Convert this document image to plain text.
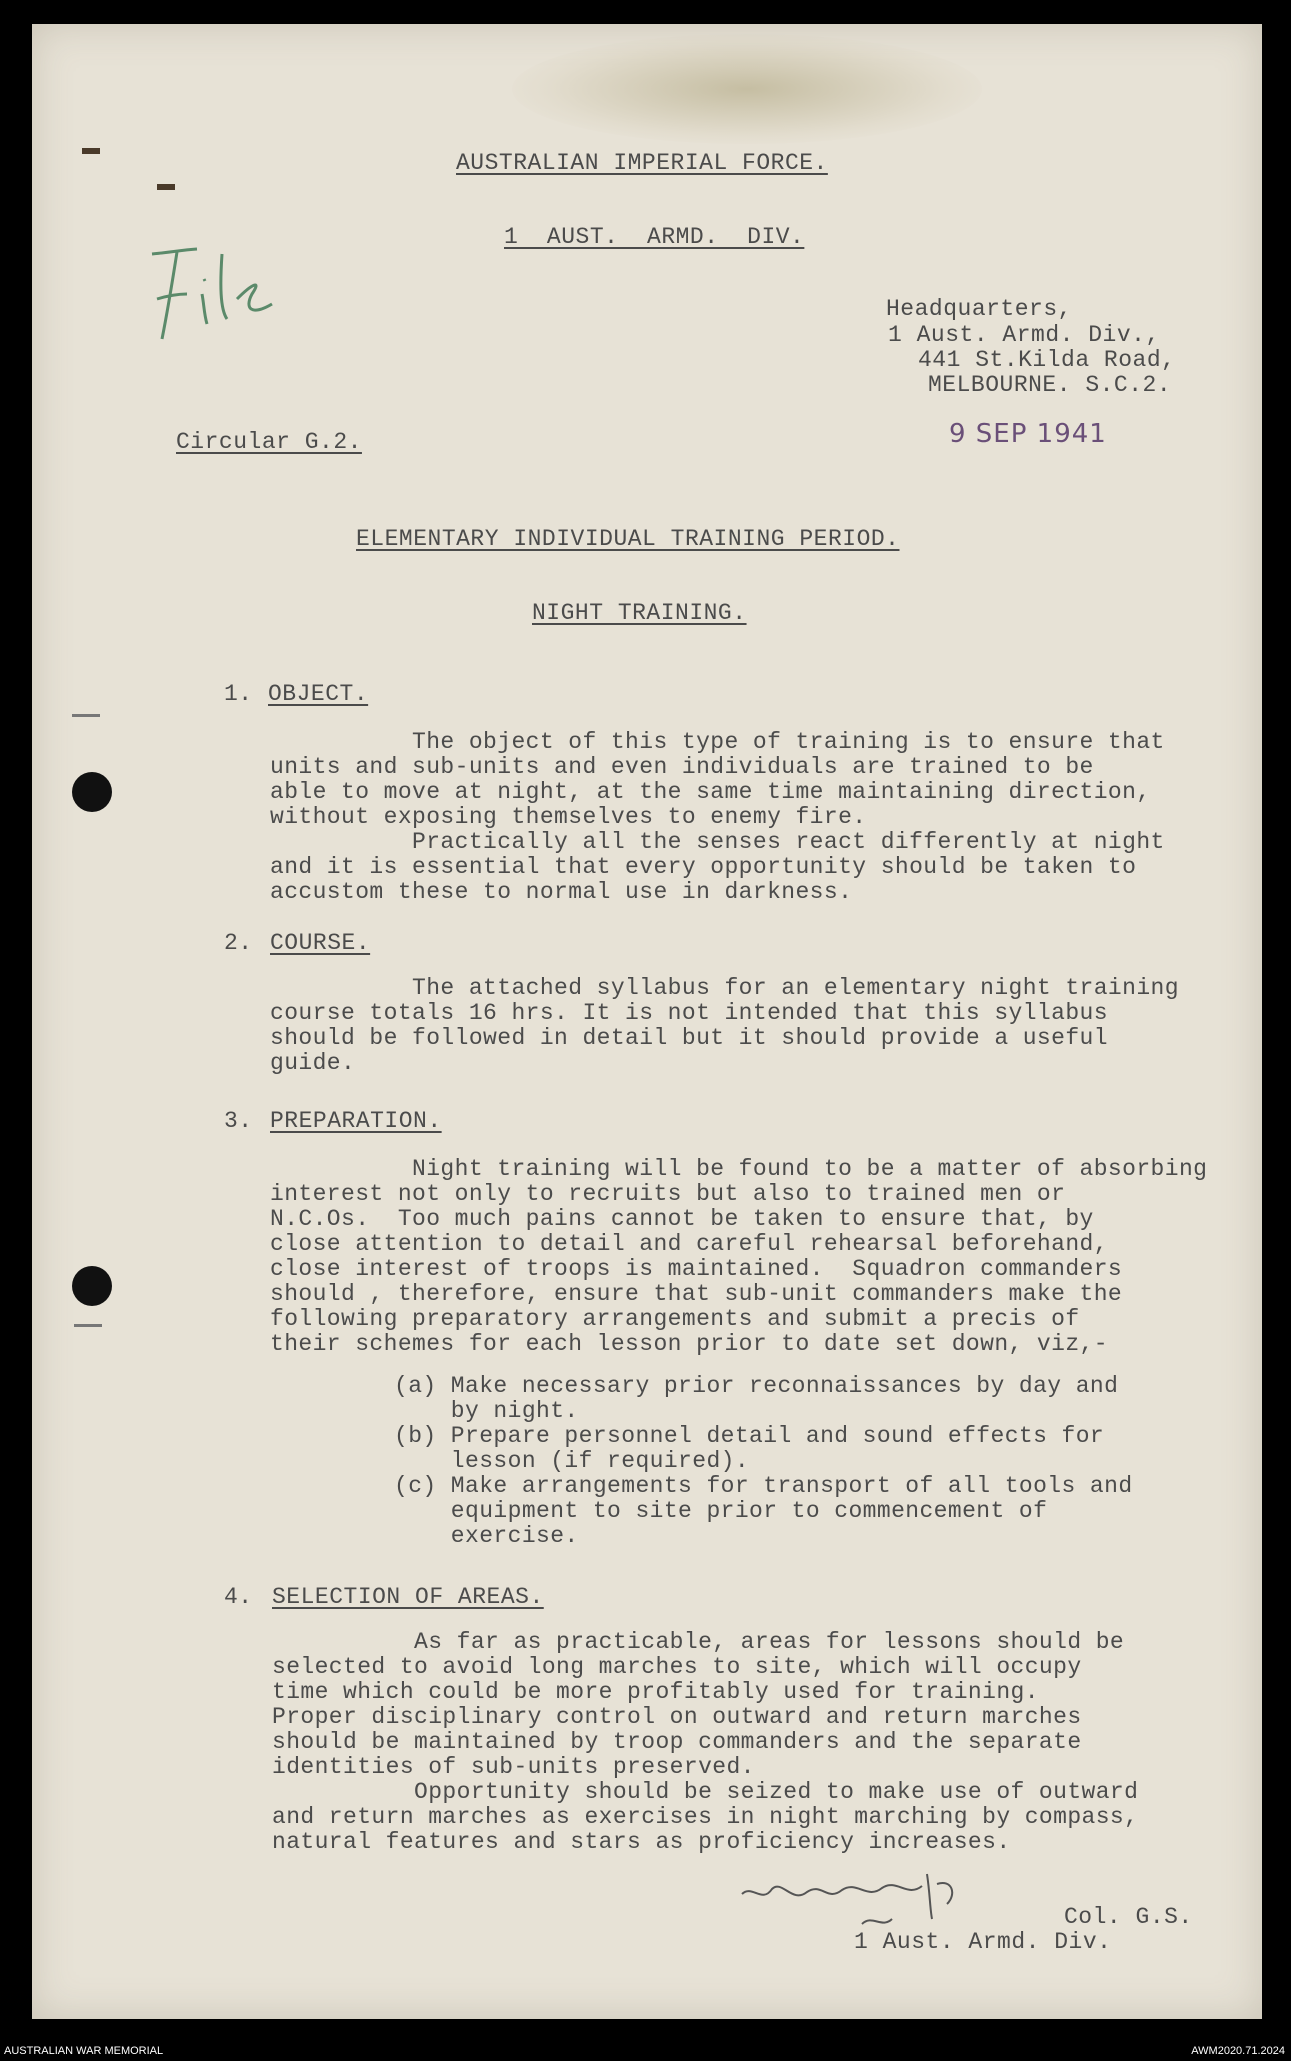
AUSTRALIAN IMPERIAL FORCE.
1  AUST.  ARMD.  DIV.
Headquarters,
1 Aust. Armd. Div.,
441 St.Kilda Road,
MELBOURNE. S.C.2.
Circular G.2.	9 SEP 1941
ELEMENTARY INDIVIDUAL TRAINING PERIOD.
NIGHT TRAINING.
1. OBJECT.
The object of this type of training is to ensure that
units and sub-units and even individuals are trained to be
able to move at night, at the same time maintaining direction,
without exposing themselves to enemy fire.
Practically all the senses react differently at night
and it is essential that every opportunity should be taken to
accustom these to normal use in darkness.
2. COURSE.
The attached syllabus for an elementary night training
course totals 16 hrs. It is not intended that this syllabus
should be followed in detail but it should provide a useful
guide.
3. PREPARATION.
Night training will be found to be a matter of absorbing
interest not only to recruits but also to trained men or
N.C.Os.  Too much pains cannot be taken to ensure that, by
close attention to detail and careful rehearsal beforehand,
close interest of troops is maintained.  Squadron commanders
should , therefore, ensure that sub-unit commanders make the
following preparatory arrangements and submit a precis of
their schemes for each lesson prior to date set down, viz,-
(a) Make necessary prior reconnaissances by day and
by night.
(b) Prepare personnel detail and sound effects for
lesson (if required).
(c) Make arrangements for transport of all tools and
equipment to site prior to commencement of
exercise.
4. SELECTION OF AREAS.
As far as practicable, areas for lessons should be
selected to avoid long marches to site, which will occupy
time which could be more profitably used for training.
Proper disciplinary control on outward and return marches
should be maintained by troop commanders and the separate
identities of sub-units preserved.
Opportunity should be seized to make use of outward
and return marches as exercises in night marching by compass,
natural features and stars as proficiency increases.
Col. G.S.
1 Aust. Armd. Div.
AUSTRALIAN WAR MEMORIAL	AWM2020.71.2024
